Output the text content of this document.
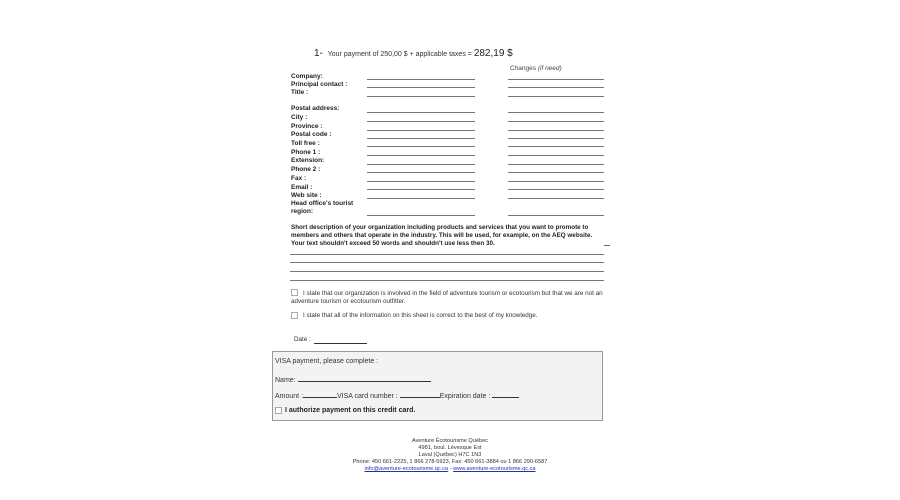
1- Your payment of 250,00 $ + applicable taxes = 282,19 $
Changes (if need)
Company:
Principal contact :
Title :
Postal address:
City :
Province :
Postal code :
Toll free :
Phone 1 :
Extension:
Phone 2 :
Fax :
Email :
Web site :
Head office's tourist
region:
Short description of your organization including products and services that you want to promote to members and others that operate in the industry. This will be used, for example, on the AEQ website. Your text shouldn't exceed 50 words and shouldn't use less then 30.
I state that our organization is involved in the field of adventure tourism or ecotourism but that we are not an adventure tourism or ecotourism outfitter.
I state that all of the information on this sheet is correct to the best of my knowledge.
Date :
VISA payment, please complete :
Name:
Amount :	VISA card number :	Expiration date :
I authorize payment on this credit card.
Aventure Écotourisme Québec
4981, boul. Lévesque Est
Laval (Québec) H7C 1N3
Phone: 450 661-2225, 1 866 278-5923, Fax: 450 661-3884 ou 1 866 290-6587
info@aventure-ecotourisme.qc.ca - www.aventure-ecotourisme.qc.ca
